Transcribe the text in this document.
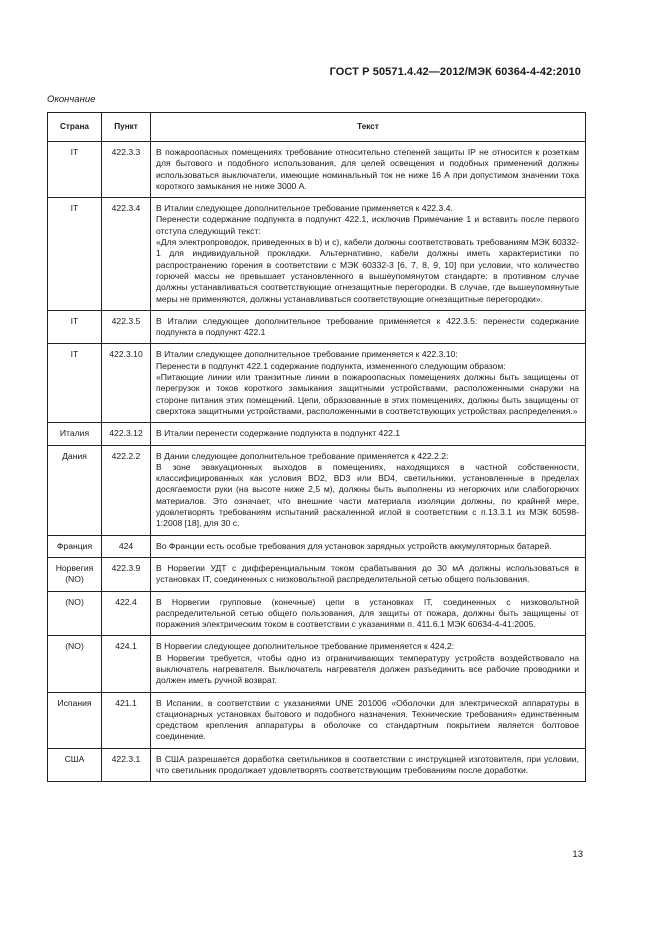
ГОСТ Р 50571.4.42—2012/МЭК 60364-4-42:2010
Окончание
Страна	Пункт	Текст
IT	422.3.3	В пожароопасных помещениях требование относительно степеней защиты IP не относится к розеткам для бытового и подобного использования, для целей освещения и подобных применений должны использоваться выключатели, имеющие номинальный ток не ниже 16 А при допустимом значении тока короткого замыкания не ниже 3000 А.
IT	422.3.4	В Италии следующее дополнительное требование применяется к 422.3.4.
Перенести содержание подпункта в подпункт 422.1, исключив Примечание 1 и вставить после первого отступа следующий текст:
«Для электропроводок, приведенных в b) и c), кабели должны соответствовать требованиям МЭК 60332-1 для индивидуальной прокладки. Альтернативно, кабели должны иметь характеристики по распространению горения в соответствии с МЭК 60332-3 [6, 7, 8, 9, 10] при условии, что количество горючей массы не превышает установленного в вышеупомянутом стандарте: в противном случае должны устанавливаться соответствующие огнезащитные перегородки. В случае, где вышеупомянутые меры не применяются, должны устанавливаться соответствующие огнезащитные перегородки».
IT	422.3.5	В Италии следующее дополнительное требование применяется к 422.3.5: перенести содержание подпункта в подпункт 422.1
IT	422.3.10	В Италии следующее дополнительное требование применяется к 422.3.10:
Перенести в подпункт 422.1 содержание подпункта, измененного следующим образом:
«Питающие линии или транзитные линии в пожароопасных помещениях должны быть защищены от перегрузок и токов короткого замыкания защитными устройствами, расположенными снаружи на стороне питания этих помещений. Цепи, образованные в этих помещениях, должны быть защищены от сверхтока защитными устройствами, расположенными в соответствующих устройствах распределения.»
Италия	422.3.12	В Италии перенести содержание подпункта в подпункт 422.1
Дания	422.2.2	В Дании следующее дополнительное требование применяется к 422.2.2:
В зоне эвакуационных выходов в помещениях, находящихся в частной собственности, классифицированных как условия BD2, BD3 или BD4, светильники, установленные в пределах досягаемости руки (на высоте ниже 2,5 м), должны быть выполнены из негорючих или слабогорючих материалов. Это означает, что внешние части материала изоляции должны, по крайней мере, удовлетворять требованиям испытаний раскаленной иглой в соответствии с п.13.3.1 из МЭК 60598-1:2008 [18], для 30 с.
Франция	424	Во Франции есть особые требования для установок зарядных устройств аккумуляторных батарей.
Норвегия (NO)	422.3.9	В Норвегии УДТ с дифференциальным током срабатывания до 30 мА должны использоваться в установках IT, соединенных с низковольтной распределительной сетью общего пользования.
(NO)	422.4	В Норвегии групповые (конечные) цепи в установках IT, соединенных с низковольтной распределительной сетью общего пользования, для защиты от пожара, должны быть защищены от поражения электрическим током в соответствии с указаниями п. 411.6.1 МЭК 60634-4-41:2005.
(NO)	424.1	В Норвегии следующее дополнительное требование применяется к 424.2:
В Норвегии требуется, чтобы одно из ограничивающих температуру устройств воздействовало на выключатель нагревателя. Выключатель нагревателя должен разъединить все рабочие проводники и должен иметь ручной возврат.
Испания	421.1	В Испании, в соответствии с указаниями UNE 201006 «Оболочки для электрической аппаратуры в стационарных установках бытового и подобного назначения. Технические требования» единственным средством крепления аппаратуры в оболочке со стандартным покрытием является болтовое соединение.
США	422.3.1	В США разрешается доработка светильников в соответствии с инструкцией изготовителя, при условии, что светильник продолжает удовлетворять соответствующим требованиям после доработки.
13
